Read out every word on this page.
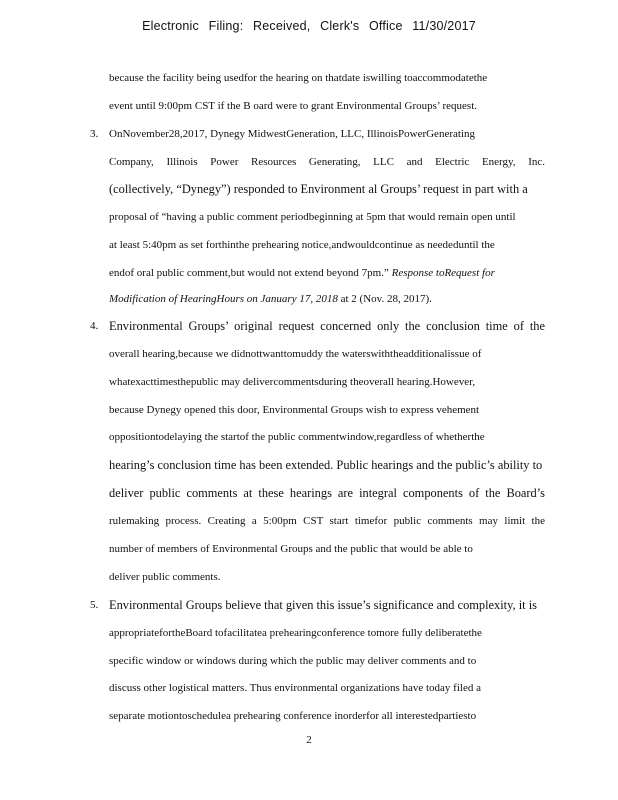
Electronic Filing: Received, Clerk's Office 11/30/2017
because the facility being usedfor the hearing on thatdate iswilling toaccommodatethe
event until 9:00pm CST if the B oard were to grant Environmental Groups’ request.
3. OnNovember28,2017, Dynegy MidwestGeneration, LLC, IllinoisPowerGenerating
Company, Illinois Power Resources Generating, LLC and Electric Energy, Inc.
(collectively, “Dynegy”) responded to Environment al Groups’ request in part with a
proposal of “having a public comment periodbeginning at 5pm that would remain open until
at least 5:40pm as set forthinthe prehearing notice,andwouldcontinue as neededuntil the
endof oral public comment,but would not extend beyond 7pm.” Response toRequest for
Modification of HearingHours on January 17, 2018 at 2 (Nov. 28, 2017).
4. Environmental Groups’ original request concerned only the conclusion time of the
overall hearing,because we didnottwanttomuddy the waterswiththeadditionalissue of
whatexacttimesthepublic may delivercommentsduring theoverall hearing.However,
because Dynegy opened this door, Environmental Groups wish to express vehement
oppositiontodelaying the startof the public commentwindow,regardless of whetherthe
hearing’s conclusion time has been extended. Public hearings and the public’s ability to
deliver public comments at these hearings are integral components of the Board’s
rulemaking process. Creating a 5:00pm CST start timefor public comments may limit the
number of members of Environmental Groups and the public that would be able to
deliver public comments.
5. Environmental Groups believe that given this issue’s significance and complexity, it is
appropriatefortheBoard tofacilitatea prehearingconference tomore fully deliberatethe
specific window or windows during which the public may deliver comments and to
discuss other logistical matters. Thus environmental organizations have today filed a
separate motiontoschedulea prehearing conference inorderfor all interestedpartiesto
2
